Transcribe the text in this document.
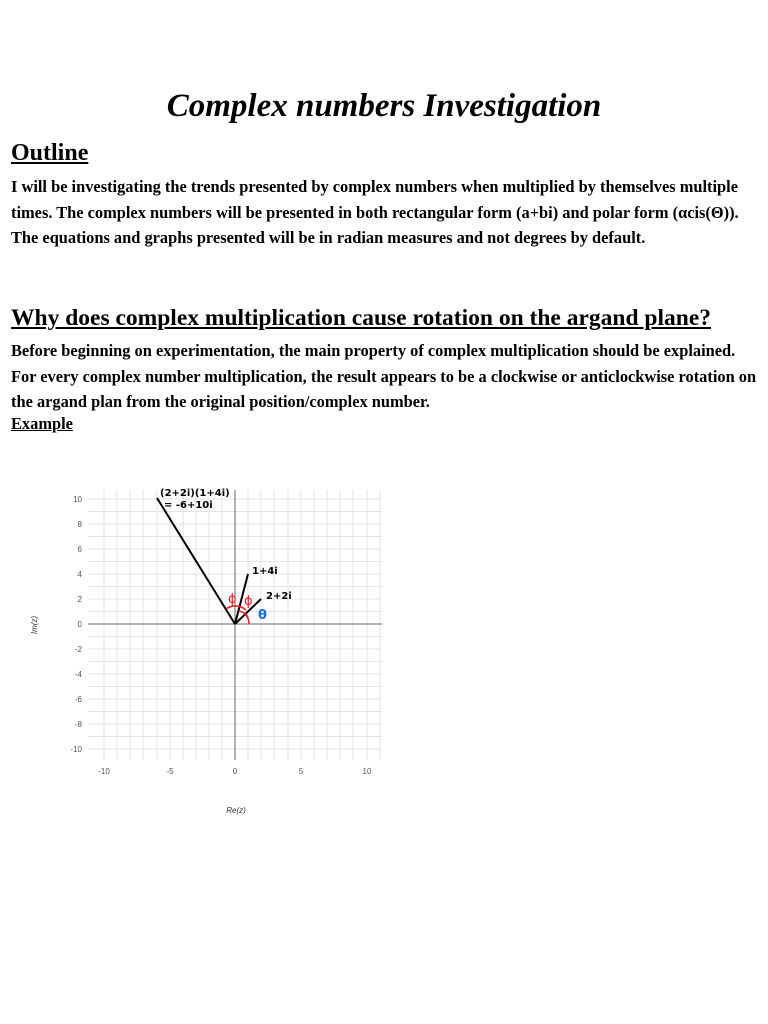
Complex numbers Investigation
Outline

I will be investigating the trends presented by complex numbers when multiplied by themselves multiple times. The complex numbers will be presented in both rectangular form (a+bi) and polar form (αcis(Θ)). The equations and graphs presented will be in radian measures and not degrees by default.

Why does complex multiplication cause rotation on the argand plane?

Before beginning on experimentation, the main property of complex multiplication should be explained. For every complex number multiplication, the result appears to be a clockwise or anticlockwise rotation on the argand plan from the original position/complex number.

Example

10
8
6
4
2
0
-2
-4
-6
-8
-10
-10	-5	0	5	10
Re(z)
Im(z)
(2+2i)(1+4i)
= -6+10i
1+4i
2+2i
ϕ ϕ
θ
